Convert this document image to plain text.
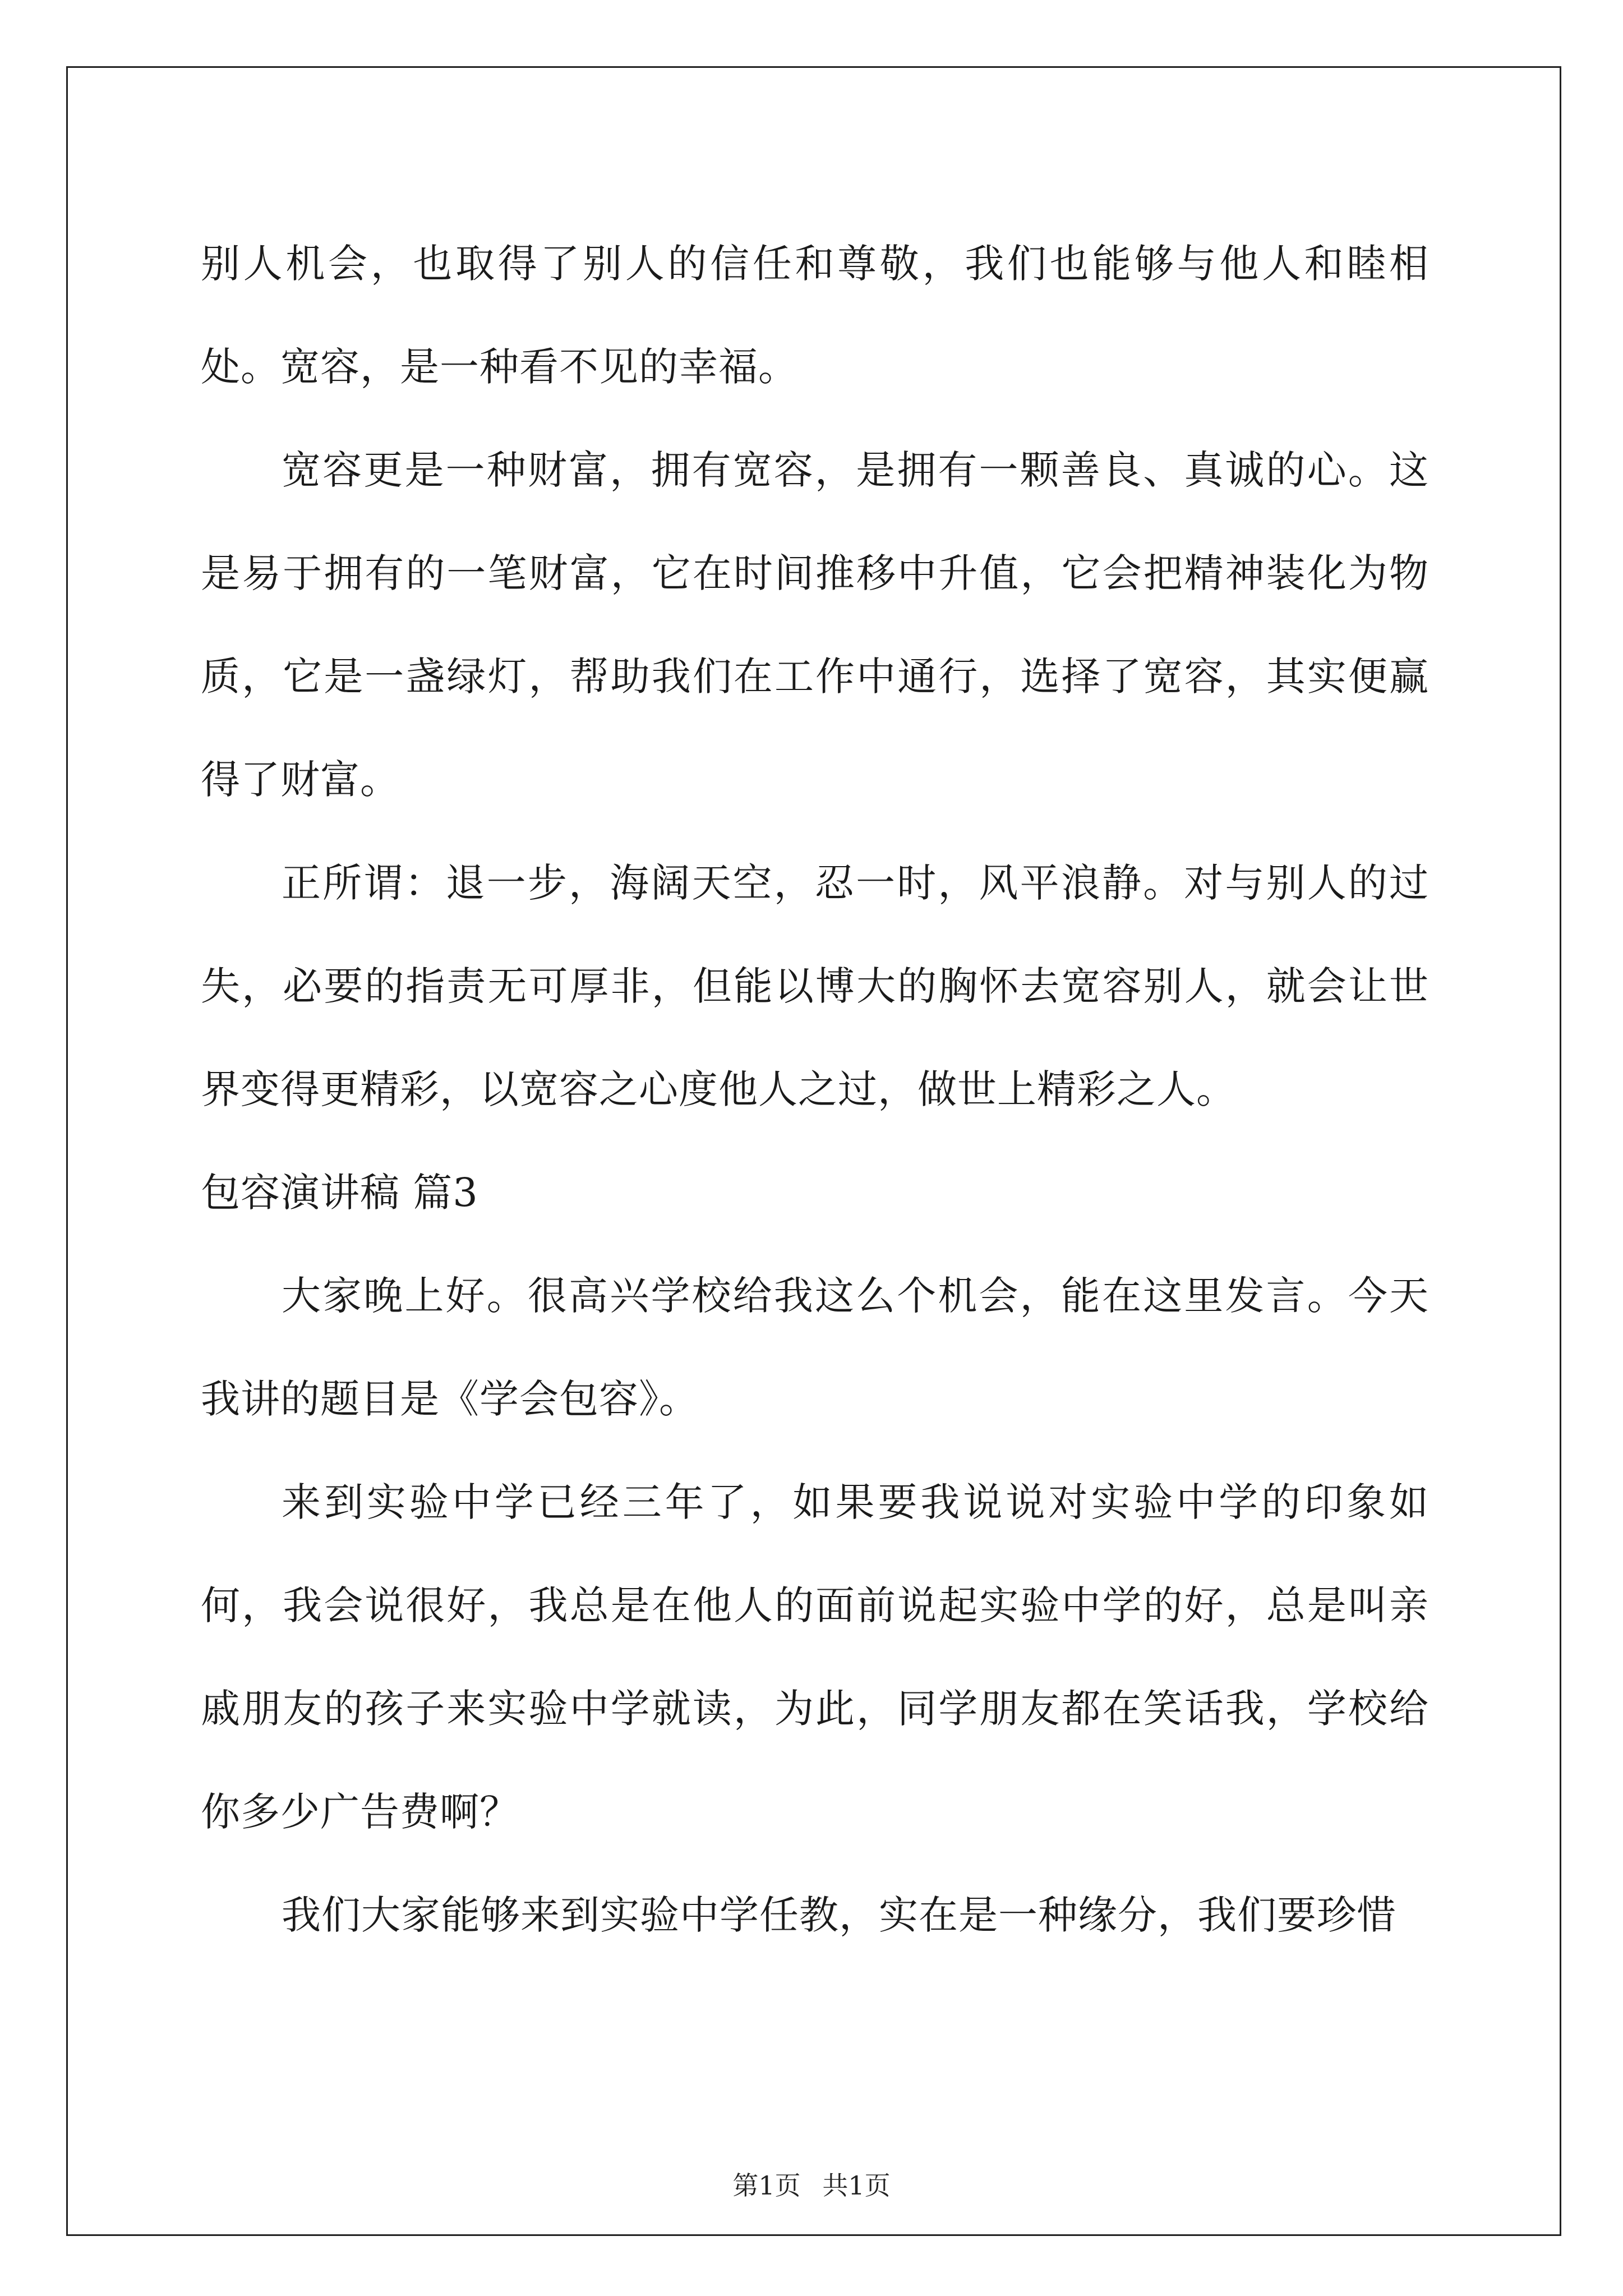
别人机会，也取得了别人的信任和尊敬，我们也能够与他人和睦相处。宽容，是一种看不见的幸福。

宽容更是一种财富，拥有宽容，是拥有一颗善良、真诚的心。这是易于拥有的一笔财富，它在时间推移中升值，它会把精神装化为物质，它是一盏绿灯，帮助我们在工作中通行，选择了宽容，其实便赢得了财富。

正所谓：退一步，海阔天空，忍一时，风平浪静。对与别人的过失，必要的指责无可厚非，但能以博大的胸怀去宽容别人，就会让世界变得更精彩，以宽容之心度他人之过，做世上精彩之人。

包容演讲稿 篇3

大家晚上好。很高兴学校给我这么个机会，能在这里发言。今天我讲的题目是《学会包容》。

来到实验中学已经三年了，如果要我说说对实验中学的印象如何，我会说很好，我总是在他人的面前说起实验中学的好，总是叫亲戚朋友的孩子来实验中学就读，为此，同学朋友都在笑话我，学校给你多少广告费啊？

我们大家能够来到实验中学任教，实在是一种缘分，我们要珍惜

第1页 共1页
